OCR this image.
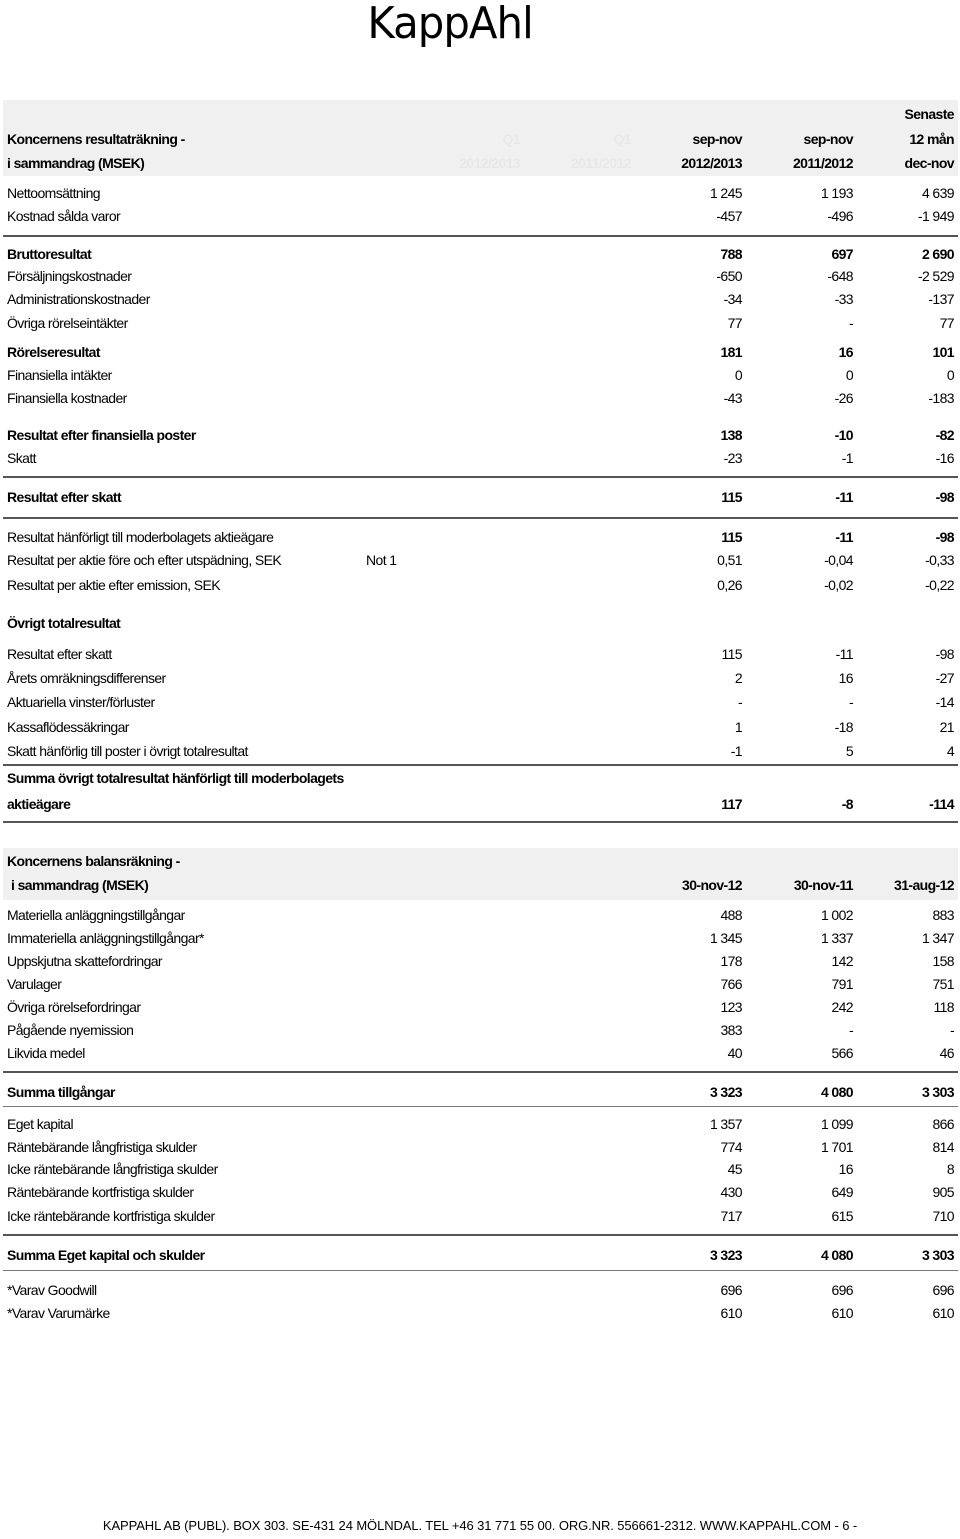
KappAhl
Senaste
Koncernens resultaträkning -	Q1	Q1	sep-nov	sep-nov	12 mån
i sammandrag (MSEK)	2012/2013	2011/2012	2012/2013	2011/2012	dec-nov
Nettoomsättning	1 245	1 193	4 639
Kostnad sålda varor	-457	-496	-1 949
Bruttoresultat	788	697	2 690
Försäljningskostnader	-650	-648	-2 529
Administrationskostnader	-34	-33	-137
Övriga rörelseintäkter	77	-	77
Rörelseresultat	181	16	101
Finansiella intäkter	0	0	0
Finansiella kostnader	-43	-26	-183
Resultat efter finansiella poster	138	-10	-82
Skatt	-23	-1	-16
Resultat efter skatt	115	-11	-98
Resultat hänförligt till moderbolagets aktieägare	115	-11	-98
Resultat per aktie före och efter utspädning, SEK	Not 1	0,51	-0,04	-0,33
Resultat per aktie efter emission, SEK	0,26	-0,02	-0,22
Övrigt totalresultat
Resultat efter skatt	115	-11	-98
Årets omräkningsdifferenser	2	16	-27
Aktuariella vinster/förluster	-	-	-14
Kassaflödessäkringar	1	-18	21
Skatt hänförlig till poster i övrigt totalresultat	-1	5	4
Summa övrigt totalresultat hänförligt till moderbolagets
aktieägare	117	-8	-114
Koncernens balansräkning -
i sammandrag (MSEK)	30-nov-12	30-nov-11	31-aug-12
Materiella anläggningstillgångar	488	1 002	883
Immateriella anläggningstillgångar*	1 345	1 337	1 347
Uppskjutna skattefordringar	178	142	158
Varulager	766	791	751
Övriga rörelsefordringar	123	242	118
Pågående nyemission	383	-	-
Likvida medel	40	566	46
Summa tillgångar	3 323	4 080	3 303
Eget kapital	1 357	1 099	866
Räntebärande långfristiga skulder	774	1 701	814
Icke räntebärande långfristiga skulder	45	16	8
Räntebärande kortfristiga skulder	430	649	905
Icke räntebärande kortfristiga skulder	717	615	710
Summa Eget kapital och skulder	3 323	4 080	3 303
*Varav Goodwill	696	696	696
*Varav Varumärke	610	610	610
KAPPAHL AB (PUBL). BOX 303. SE-431 24 MÖLNDAL. TEL +46 31 771 55 00. ORG.NR. 556661-2312. WWW.KAPPAHL.COM - 6 -
